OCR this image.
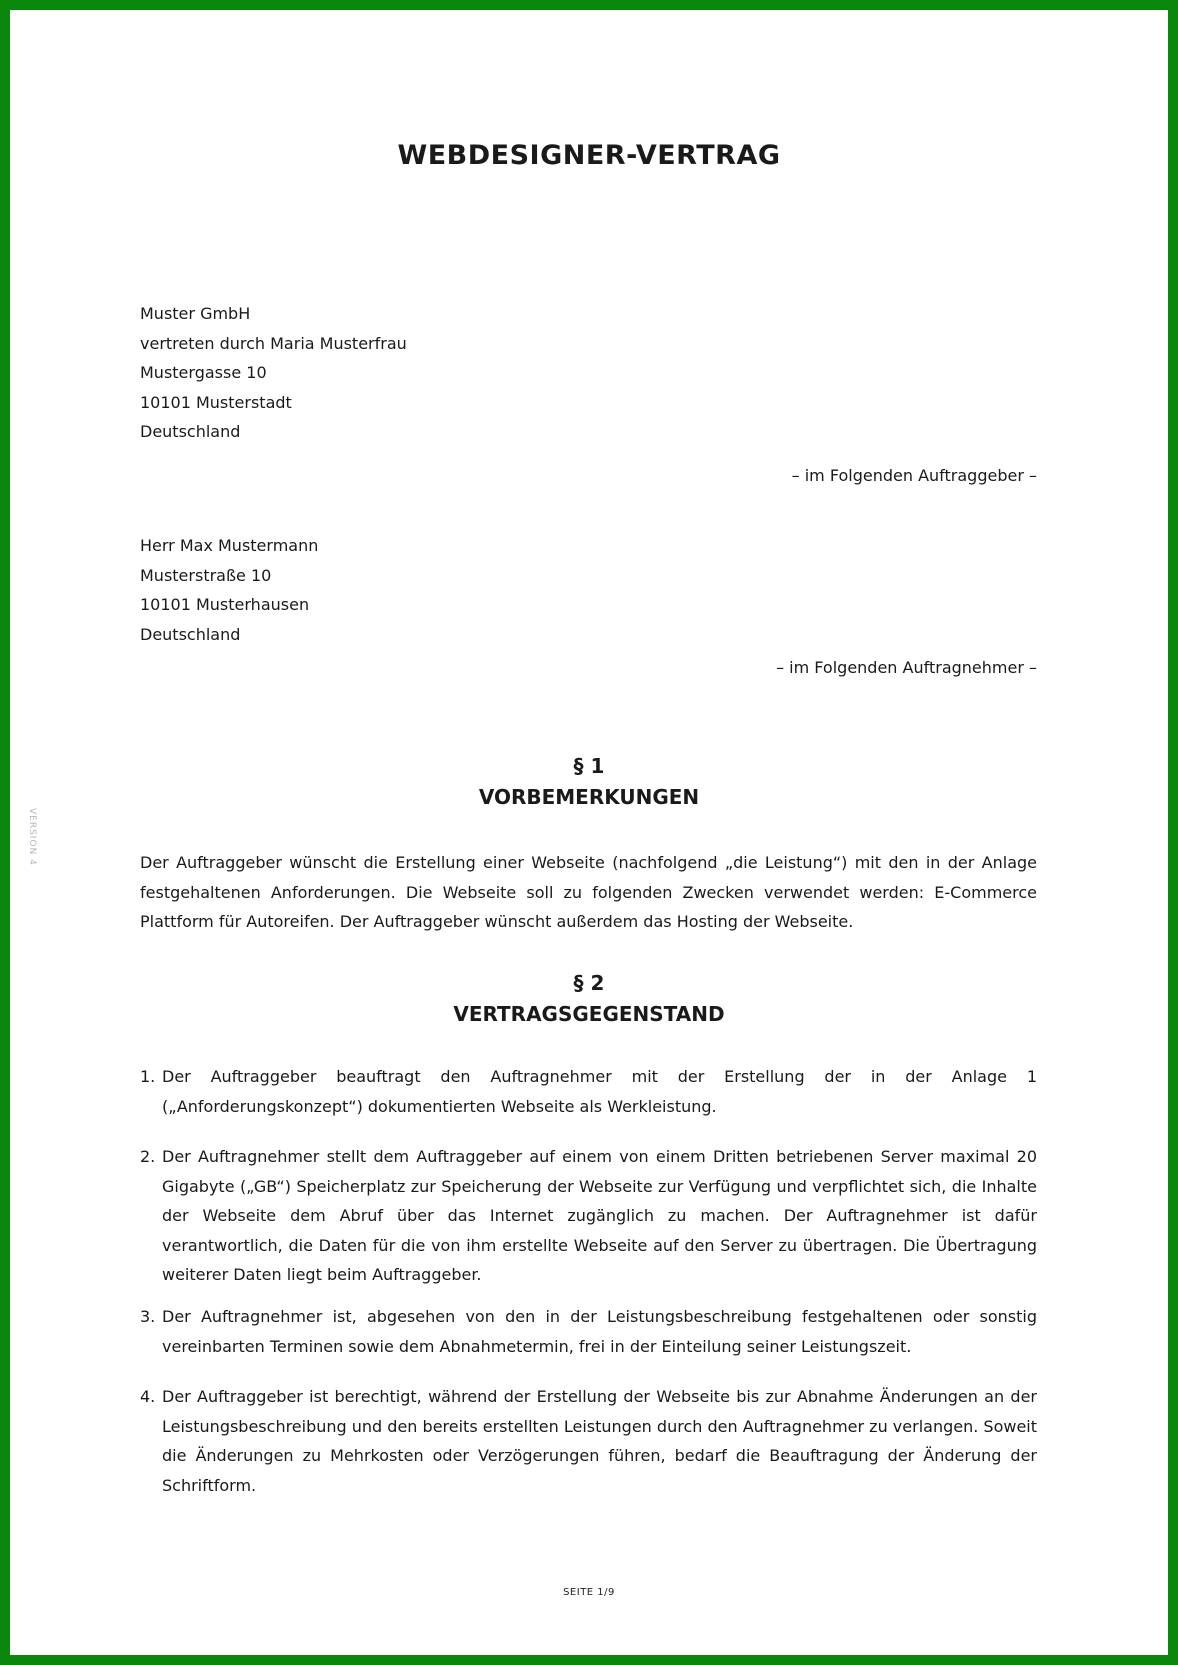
WEBDESIGNER-VERTRAG
Muster GmbH
vertreten durch Maria Musterfrau
Mustergasse 10
10101 Musterstadt
Deutschland
– im Folgenden Auftraggeber –
Herr Max Mustermann
Musterstraße 10
10101 Musterhausen
Deutschland
– im Folgenden Auftragnehmer –
§ 1
VORBEMERKUNGEN

Der Auftraggeber wünscht die Erstellung einer Webseite (nachfolgend „die Leistung“) mit den in der Anlage festgehaltenen Anforderungen. Die Webseite soll zu folgenden Zwecken verwendet werden: E-Commerce Plattform für Autoreifen. Der Auftraggeber wünscht außerdem das Hosting der Webseite.

§ 2
VERTRAGSGEGENSTAND
1. Der Auftraggeber beauftragt den Auftragnehmer mit der Erstellung der in der Anlage 1 („Anforderungskonzept“) dokumentierten Webseite als Werkleistung.
2. Der Auftragnehmer stellt dem Auftraggeber auf einem von einem Dritten betriebenen Server maximal 20 Gigabyte („GB“) Speicherplatz zur Speicherung der Webseite zur Verfügung und verpflichtet sich, die Inhalte der Webseite dem Abruf über das Internet zugänglich zu machen. Der Auftragnehmer ist dafür verantwortlich, die Daten für die von ihm erstellte Webseite auf den Server zu übertragen. Die Übertragung weiterer Daten liegt beim Auftraggeber.
3. Der Auftragnehmer ist, abgesehen von den in der Leistungsbeschreibung festgehaltenen oder sonstig vereinbarten Terminen sowie dem Abnahmetermin, frei in der Einteilung seiner Leistungszeit.
4. Der Auftraggeber ist berechtigt, während der Erstellung der Webseite bis zur Abnahme Änderungen an der Leistungsbeschreibung und den bereits erstellten Leistungen durch den Auftragnehmer zu verlangen. Soweit die Änderungen zu Mehrkosten oder Verzögerungen führen, bedarf die Beauftragung der Änderung der Schriftform.
VERSION 4
SEITE 1/9
